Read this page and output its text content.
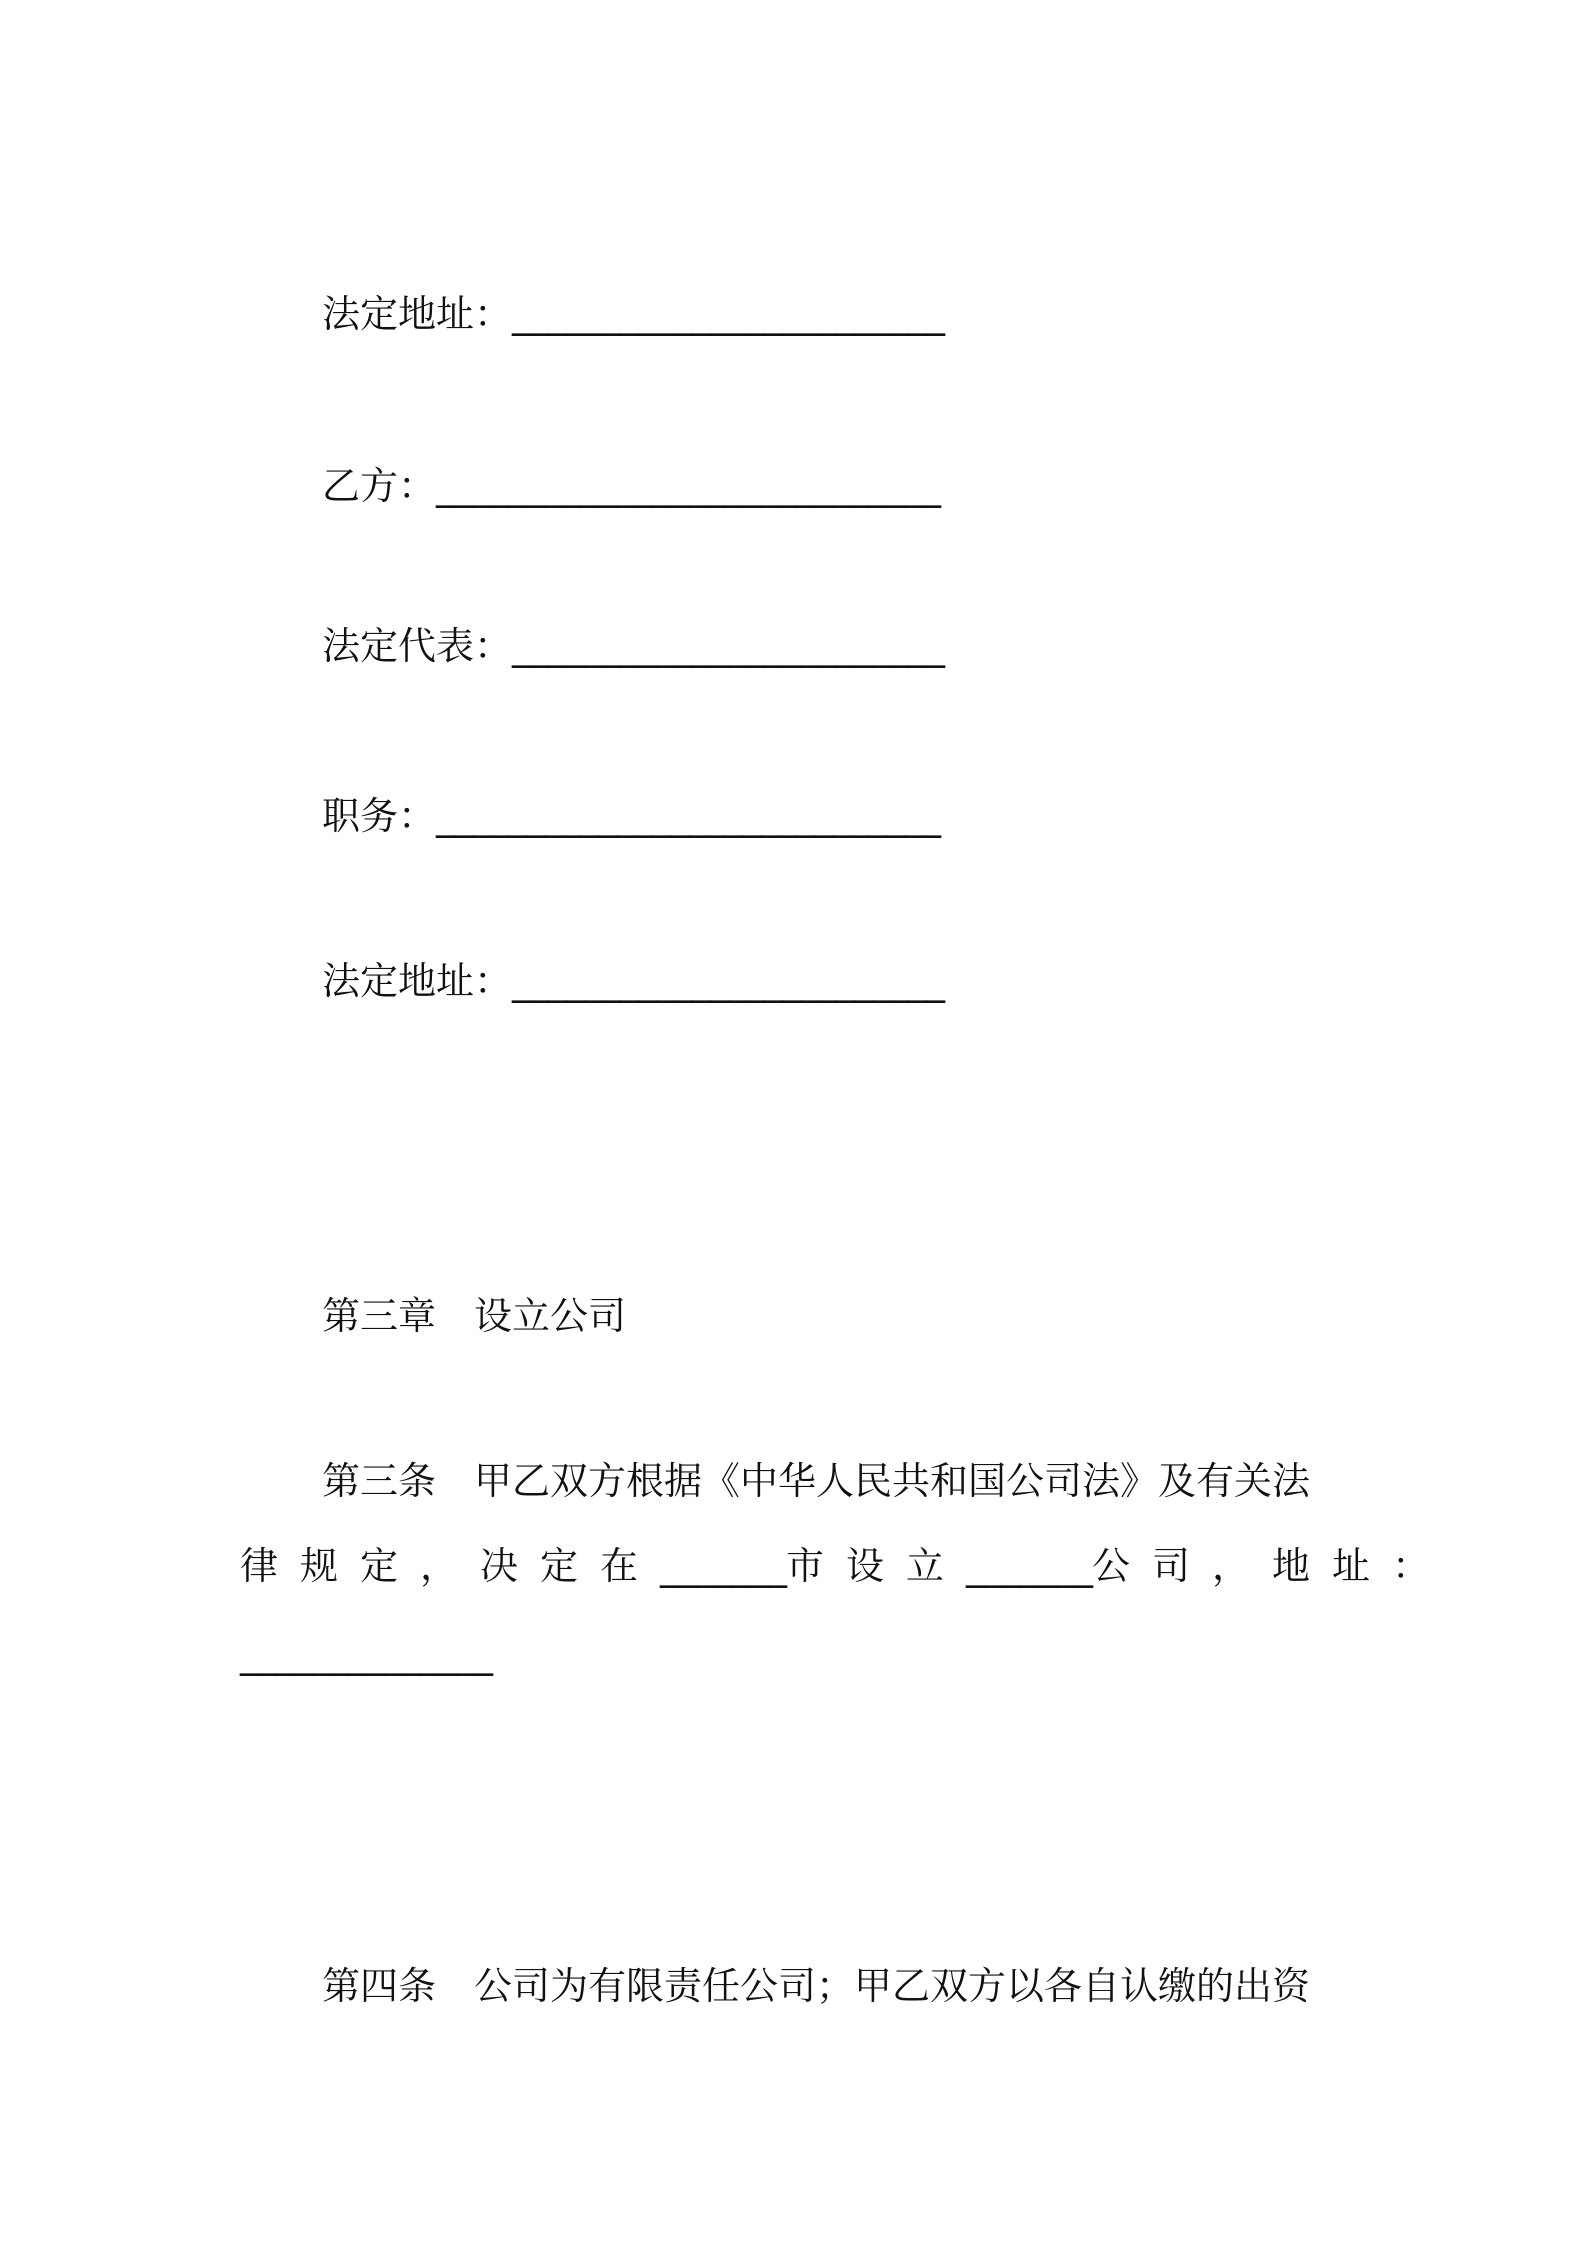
法定地址：________________________
乙方：____________________________
法定代表：________________________
职务：____________________________
法定地址：________________________
第三章　设立公司
第三条　甲乙双方根据《中华人民共和国公司法》及有关法
律规定，决定在_______市设立_______公司，地址：
______________
第四条　公司为有限责任公司；甲乙双方以各自认缴的出资
